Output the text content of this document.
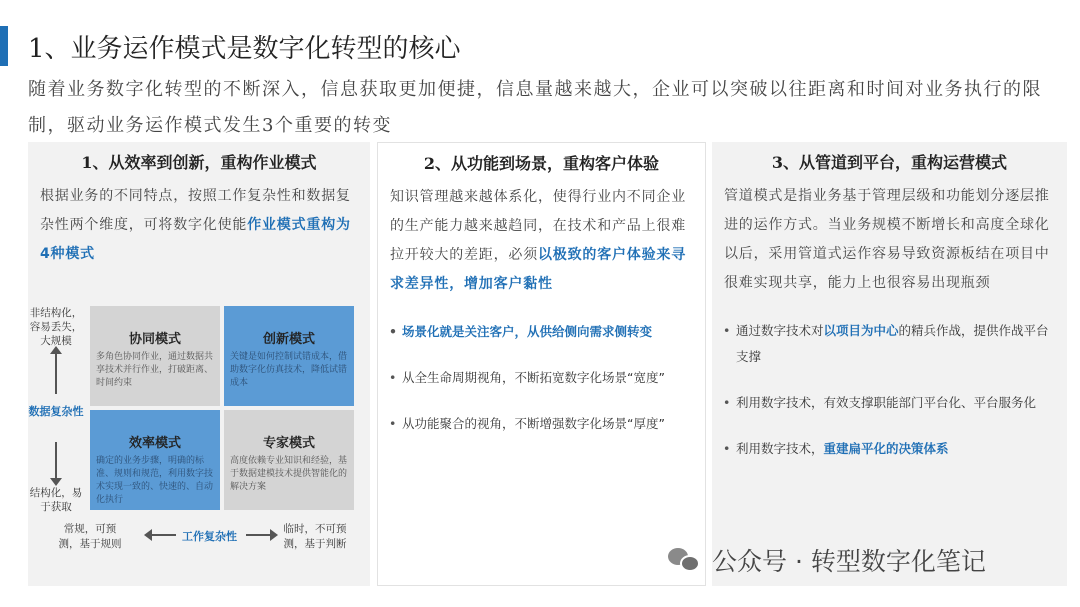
1、业务运作模式是数字化转型的核心
随着业务数字化转型的不断深入，信息获取更加便捷，信息量越来越大，企业可以突破以往距离和时间对业务执行的限制，驱动业务运作模式发生3个重要的转变
1、从效率到创新，重构作业模式
根据业务的不同特点，按照工作复杂性和数据复杂性两个维度，可将数字化使能作业模式重构为4种模式
非结构化，容易丢失，大规模
数据复杂性
结构化，易于获取
协同模式
多角色协同作业，通过数据共享技术并行作业，打破距离、时间约束
创新模式
关键是如何控制试错成本，借助数字化仿真技术，降低试错成本
效率模式
确定的业务步骤，明确的标准、规则和规范，利用数字技术实现一致的、快速的、自动化执行
专家模式
高度依赖专业知识和经验，基于数据建模技术提供智能化的解决方案
常规，可预测，基于规则
工作复杂性
临时，不可预测，基于判断
2、从功能到场景，重构客户体验
知识管理越来越体系化，使得行业内不同企业的生产能力越来越趋同，在技术和产品上很难拉开较大的差距，必须以极致的客户体验来寻求差异性，增加客户黏性
• 场景化就是关注客户，从供给侧向需求侧转变
• 从全生命周期视角，不断拓宽数字化场景“宽度”
• 从功能聚合的视角，不断增强数字化场景“厚度”
3、从管道到平台，重构运营模式
管道模式是指业务基于管理层级和功能划分逐层推进的运作方式。当业务规模不断增长和高度全球化以后，采用管道式运作容易导致资源板结在项目中很难实现共享，能力上也很容易出现瓶颈
• 通过数字技术对以项目为中心的精兵作战，提供作战平台支撑
• 利用数字技术，有效支撑职能部门平台化、平台服务化
• 利用数字技术，重建扁平化的决策体系
公众号 · 转型数字化笔记
